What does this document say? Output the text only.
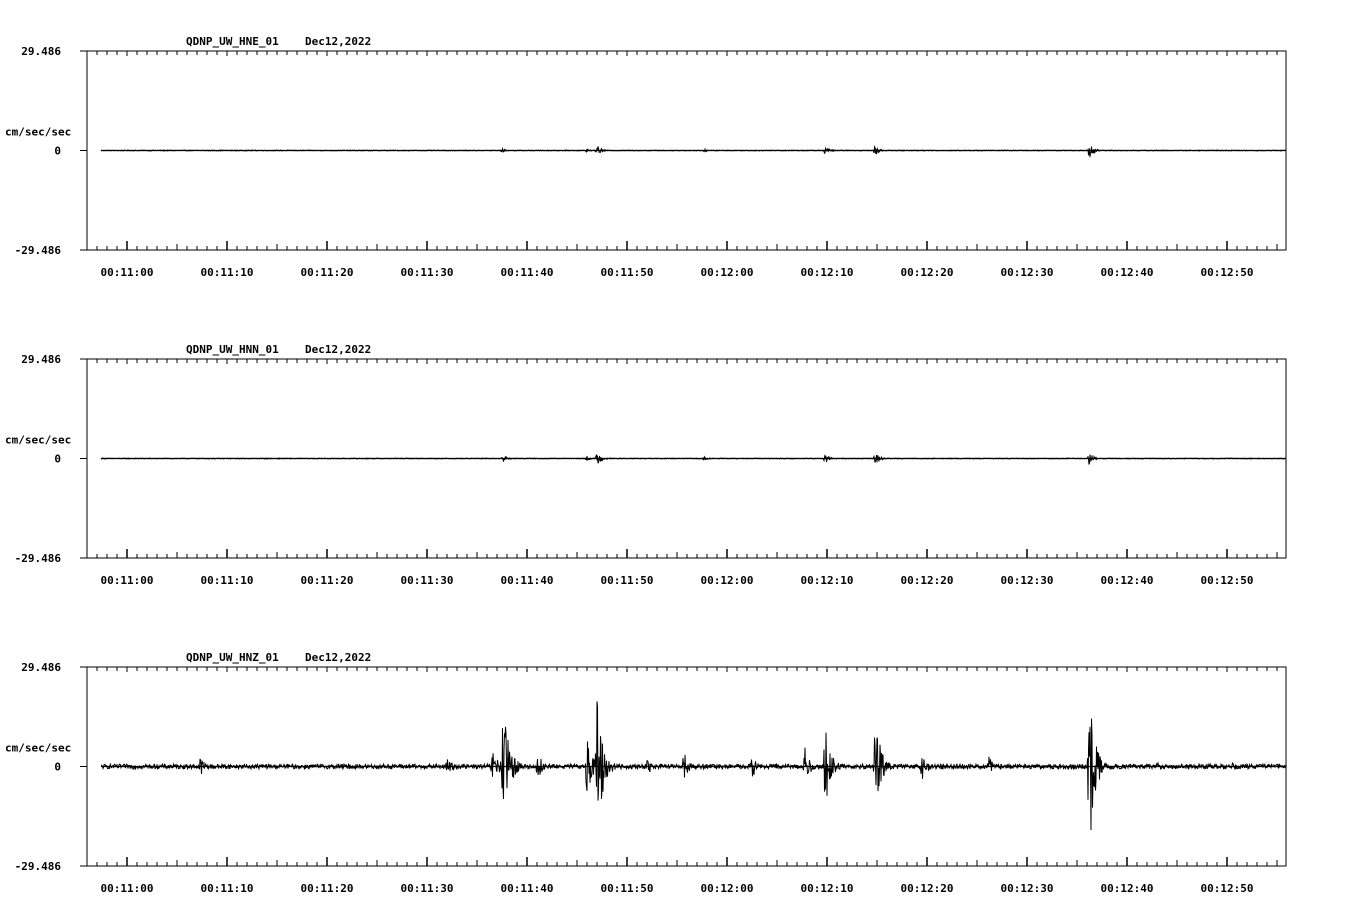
QDNP_UW_HNE_01 Dec12,2022
29.486
0
-29.486
cm/sec/sec
00:11:00	00:11:10	00:11:20	00:11:30	00:11:40	00:11:50	00:12:00	00:12:10	00:12:20	00:12:30	00:12:40	00:12:50
QDNP_UW_HNN_01 Dec12,2022
29.486
0
-29.486
cm/sec/sec
00:11:00	00:11:10	00:11:20	00:11:30	00:11:40	00:11:50	00:12:00	00:12:10	00:12:20	00:12:30	00:12:40	00:12:50
QDNP_UW_HNZ_01 Dec12,2022
29.486
0
-29.486
cm/sec/sec
00:11:00	00:11:10	00:11:20	00:11:30	00:11:40	00:11:50	00:12:00	00:12:10	00:12:20	00:12:30	00:12:40	00:12:50
